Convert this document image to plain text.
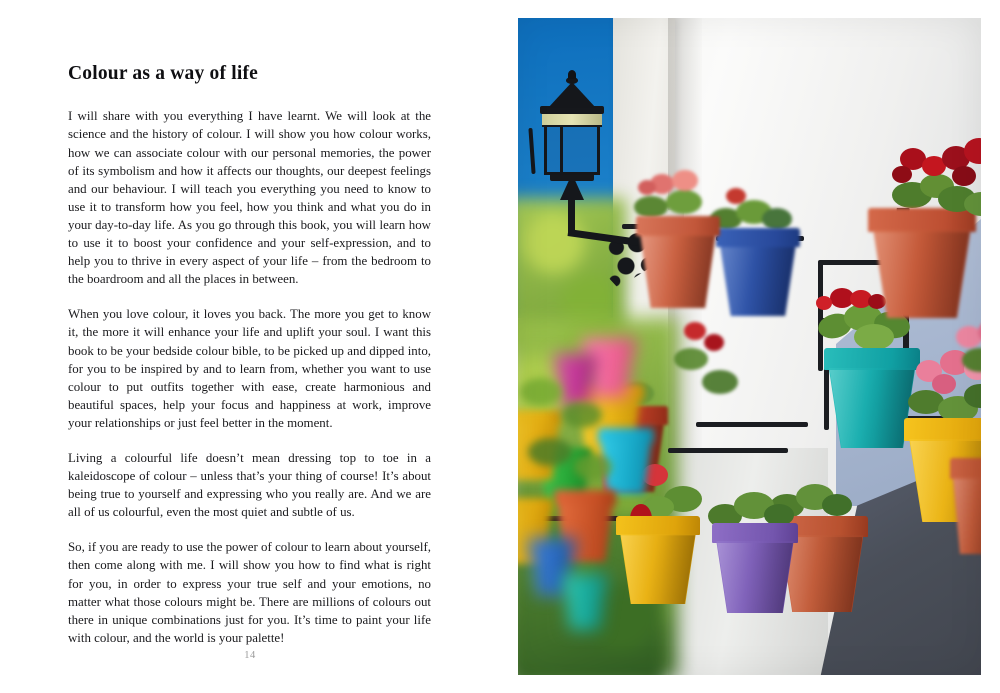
Colour as a way of life

I will share with you everything I have learnt. We will look at the science and the history of colour. I will show you how colour works, how we can associate colour with our personal memories, the power of its symbolism and how it affects our thoughts, our deepest feelings and our behaviour. I will teach you everything you need to know to use it to transform how you feel, how you think and what you do in your day-to-day life. As you go through this book, you will learn how to use it to boost your confidence and your self-expression, and to help you to thrive in every aspect of your life – from the bedroom to the boardroom and all the places in between.

When you love colour, it loves you back. The more you get to know it, the more it will enhance your life and uplift your soul. I want this book to be your bedside colour bible, to be picked up and dipped into, for you to be inspired by and to learn from, whether you want to use colour to put outfits together with ease, create harmonious and beautiful spaces, help your focus and happiness at work, improve your relationships or just feel better in the moment.

Living a colourful life doesn’t mean dressing top to toe in a kaleidoscope of colour – unless that’s your thing of course! It’s about being true to yourself and expressing who you really are. And we are all of us colourful, even the most quiet and subtle of us.

So, if you are ready to use the power of colour to learn about yourself, then come along with me. I will show you how to find what is right for you, in order to express your true self and your emotions, no matter what those colours might be. There are millions of colours out there in unique combinations just for you. It’s time to paint your life with colour, and the world is your palette!

14
